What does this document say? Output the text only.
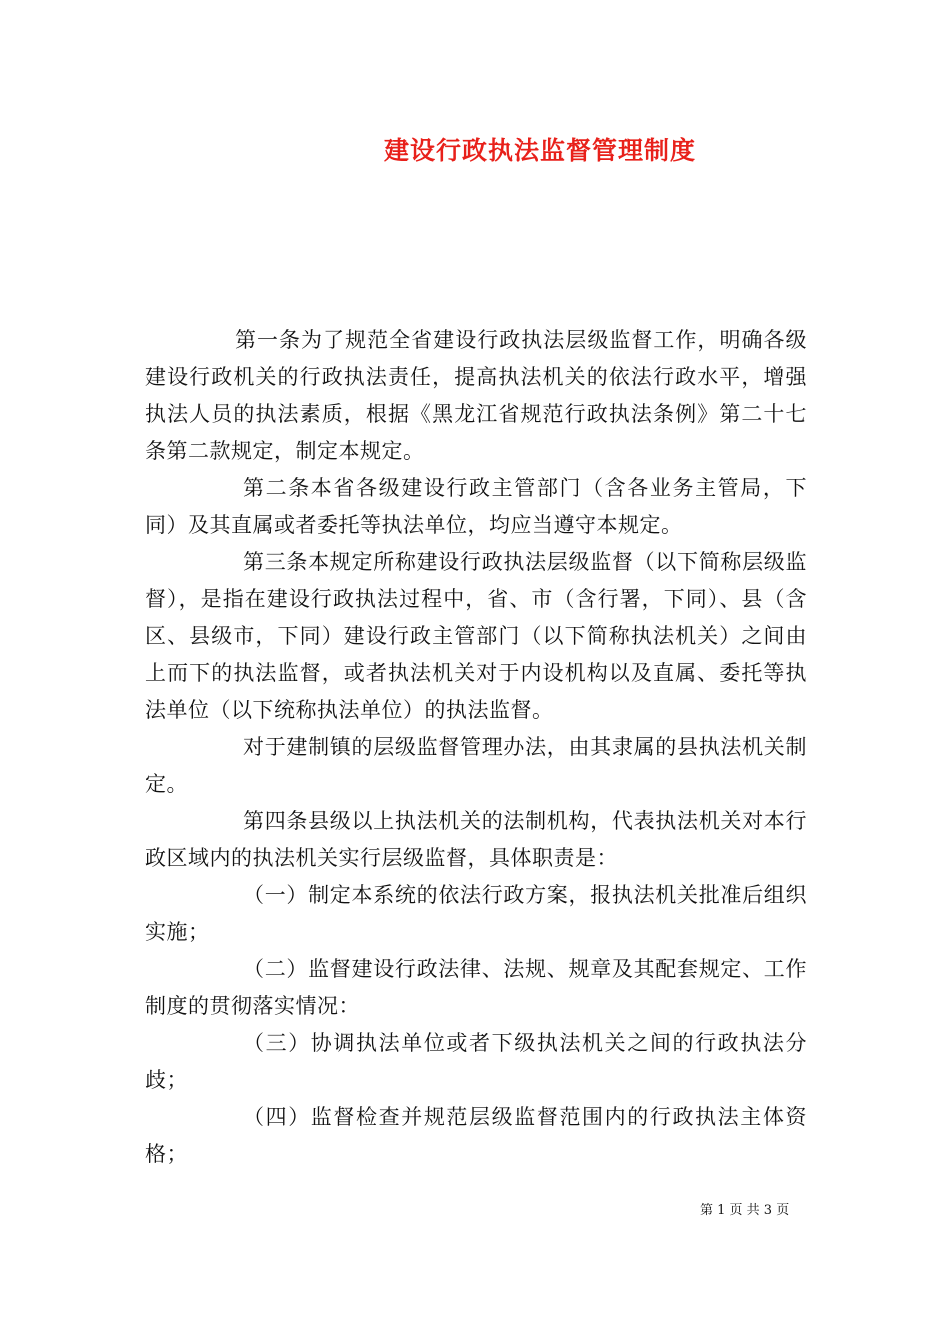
建设行政执法监督管理制度

第一条为了规范全省建设行政执法层级监督工作，明确各级建设行政机关的行政执法责任，提高执法机关的依法行政水平，增强执法人员的执法素质，根据《黑龙江省规范行政执法条例》第二十七条第二款规定，制定本规定。

第二条本省各级建设行政主管部门（含各业务主管局，下同）及其直属或者委托等执法单位，均应当遵守本规定。

第三条本规定所称建设行政执法层级监督（以下简称层级监督），是指在建设行政执法过程中，省、市（含行署，下同）、县（含区、县级市，下同）建设行政主管部门（以下简称执法机关）之间由上而下的执法监督，或者执法机关对于内设机构以及直属、委托等执法单位（以下统称执法单位）的执法监督。

对于建制镇的层级监督管理办法，由其隶属的县执法机关制定。

第四条县级以上执法机关的法制机构，代表执法机关对本行政区域内的执法机关实行层级监督，具体职责是：

（一）制定本系统的依法行政方案，报执法机关批准后组织实施；

（二）监督建设行政法律、法规、规章及其配套规定、工作制度的贯彻落实情况：

（三）协调执法单位或者下级执法机关之间的行政执法分歧；

（四）监督检查并规范层级监督范围内的行政执法主体资格；

第 1 页 共 3 页
